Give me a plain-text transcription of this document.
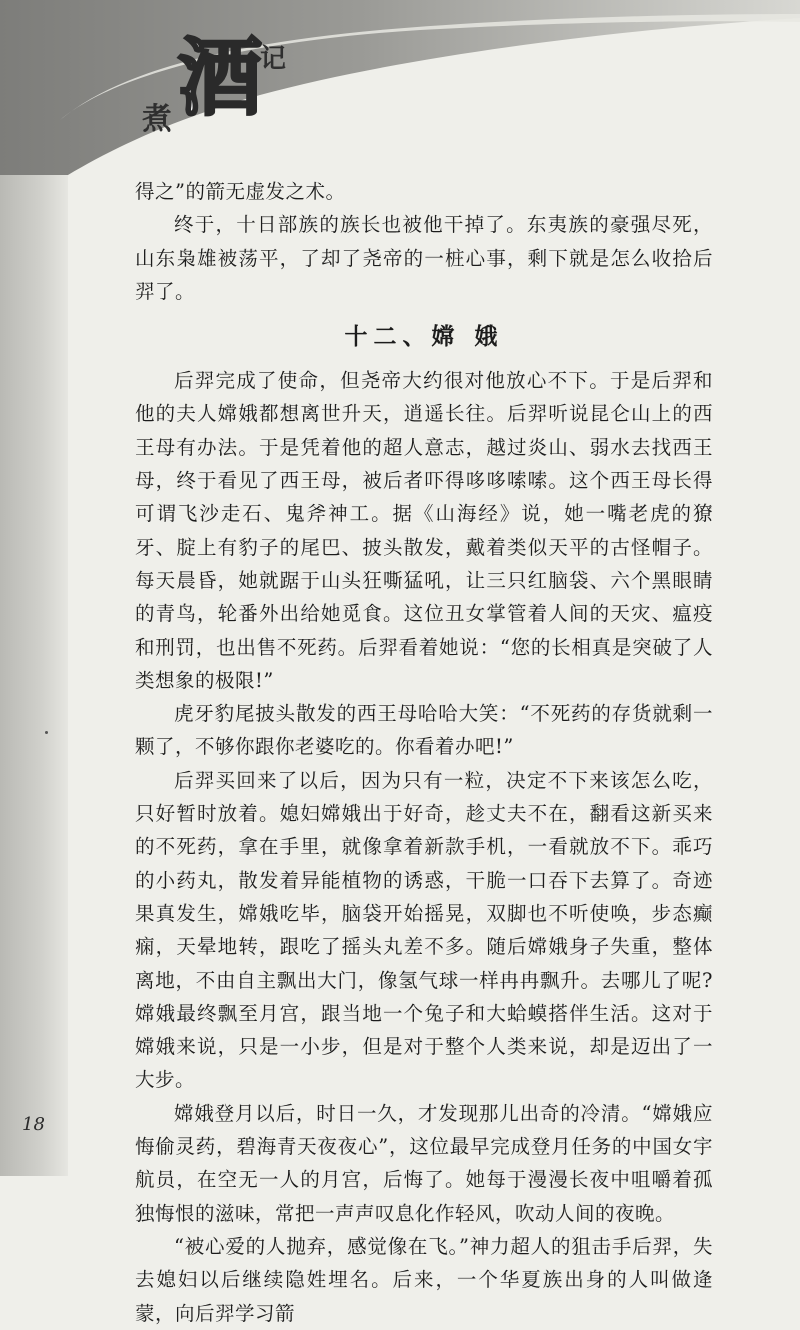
煮 酒
记

得之”的箭无虚发之术。

终于，十日部族的族长也被他干掉了。东夷族的豪强尽死，山东枭雄被荡平，了却了尧帝的一桩心事，剩下就是怎么收拾后羿了。

十二、嫦 娥

后羿完成了使命，但尧帝大约很对他放心不下。于是后羿和他的夫人嫦娥都想离世升天，逍遥长往。后羿听说昆仑山上的西王母有办法。于是凭着他的超人意志，越过炎山、弱水去找西王母，终于看见了西王母，被后者吓得哆哆嗦嗦。这个西王母长得可谓飞沙走石、鬼斧神工。据《山海经》说，她一嘴老虎的獠牙、腚上有豹子的尾巴、披头散发，戴着类似天平的古怪帽子。每天晨昏，她就踞于山头狂嘶猛吼，让三只红脑袋、六个黑眼睛的青鸟，轮番外出给她觅食。这位丑女掌管着人间的天灾、瘟疫和刑罚，也出售不死药。后羿看着她说：“您的长相真是突破了人类想象的极限!”

虎牙豹尾披头散发的西王母哈哈大笑：“不死药的存货就剩一颗了，不够你跟你老婆吃的。你看着办吧!”

后羿买回来了以后，因为只有一粒，决定不下来该怎么吃，只好暂时放着。媳妇嫦娥出于好奇，趁丈夫不在，翻看这新买来的不死药，拿在手里，就像拿着新款手机，一看就放不下。乖巧的小药丸，散发着异能植物的诱惑，干脆一口吞下去算了。奇迹果真发生，嫦娥吃毕，脑袋开始摇晃，双脚也不听使唤，步态癫痫，天晕地转，跟吃了摇头丸差不多。随后嫦娥身子失重，整体离地，不由自主飘出大门，像氢气球一样冉冉飘升。去哪儿了呢?嫦娥最终飘至月宫，跟当地一个兔子和大蛤蟆搭伴生活。这对于嫦娥来说，只是一小步，但是对于整个人类来说，却是迈出了一大步。

嫦娥登月以后，时日一久，才发现那儿出奇的冷清。“嫦娥应悔偷灵药，碧海青天夜夜心”，这位最早完成登月任务的中国女宇航员，在空无一人的月宫，后悔了。她每于漫漫长夜中咀嚼着孤独悔恨的滋味，常把一声声叹息化作轻风，吹动人间的夜晚。

“被心爱的人抛弃，感觉像在飞。”神力超人的狙击手后羿，失去媳妇以后继续隐姓埋名。后来，一个华夏族出身的人叫做逄蒙，向后羿学习箭

18
